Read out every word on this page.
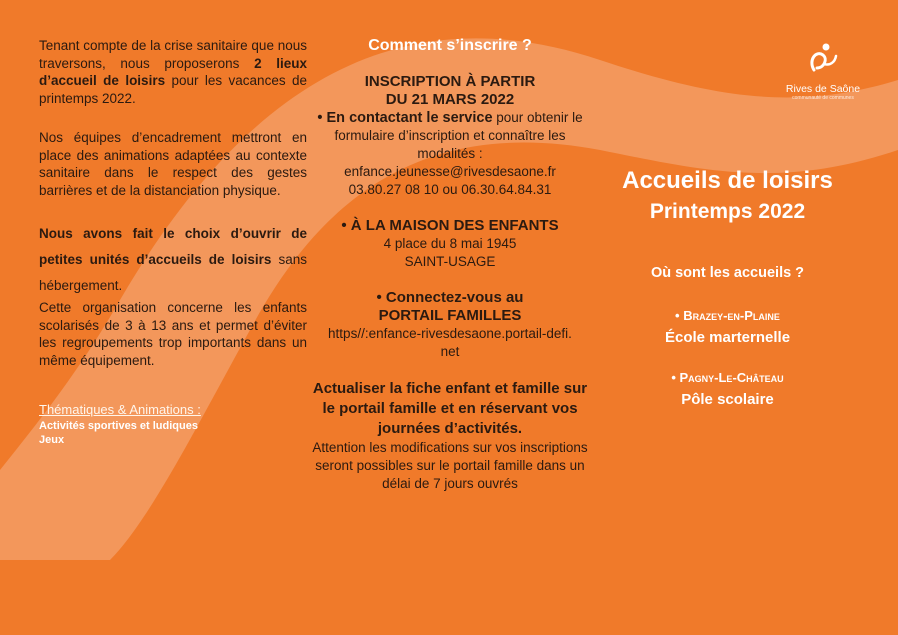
Rives de Saône
communauté de communes

Tenant compte de la crise sanitaire que nous traversons, nous proposerons 2 lieux d’accueil de loisirs pour les vacances de printemps 2022.

Nos équipes d’encadrement mettront en place des animations adaptées au contexte sanitaire dans le respect des gestes barrières et de la distanciation physique.

Nous avons fait le choix d’ouvrir de petites unités d’accueils de loisirs sans hébergement.

Cette organisation concerne les enfants scolarisés de 3 à 13 ans et permet d’éviter les regroupements trop importants dans un même équipement.

Thématiques & Animations :

Activités sportives et ludiques

Jeux

Comment s’inscrire ?

INSCRIPTION À PARTIR

DU 21 MARS 2022

• En contactant le service pour obtenir le formulaire d’inscription et connaître les modalités :

enfance.jeunesse@rivesdesaone.fr

03.80.27 08 10 ou 06.30.64.84.31

• À LA MAISON DES ENFANTS

4 place du 8 mai 1945

SAINT-USAGE

• Connectez-vous au

PORTAIL FAMILLES

https//:enfance-rivesdesaone.portail-defi.

net

Actualiser la fiche enfant et famille sur le portail famille et en réservant vos journées d’activités.

Attention les modifications sur vos inscriptions seront possibles sur le portail famille dans un délai de 7 jours ouvrés

Accueils de loisirs

Printemps 2022

Où sont les accueils ?

• Brazey-en-Plaine

École marternelle

• Pagny-Le-Château

Pôle scolaire
